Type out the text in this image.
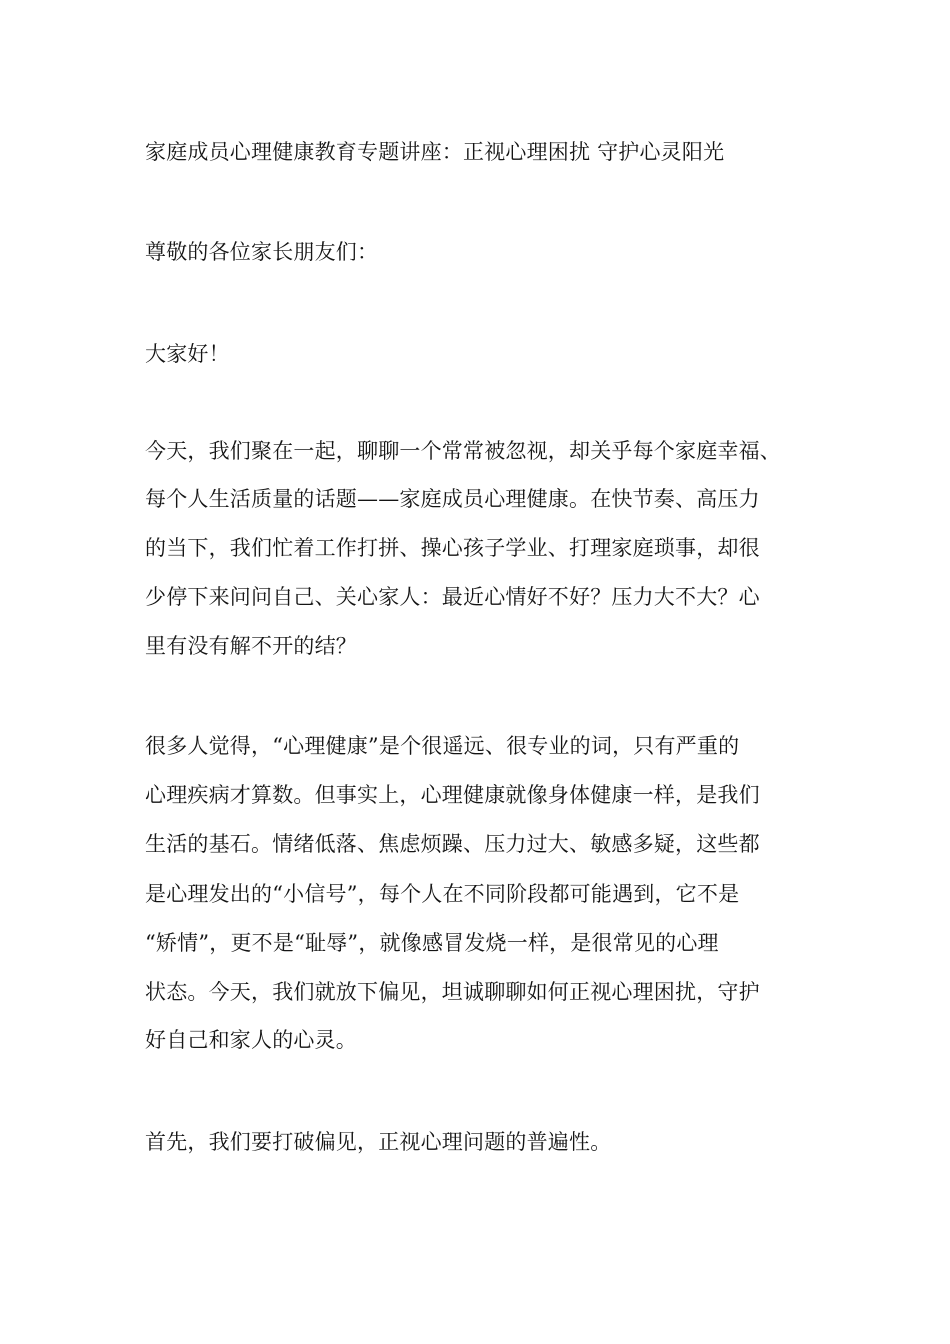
家庭成员心理健康教育专题讲座：正视心理困扰 守护心灵阳光
尊敬的各位家长朋友们：
大家好！
今天，我们聚在一起，聊聊一个常常被忽视，却关乎每个家庭幸福、
每个人生活质量的话题——家庭成员心理健康。在快节奏、高压力
的当下，我们忙着工作打拼、操心孩子学业、打理家庭琐事，却很
少停下来问问自己、关心家人：最近心情好不好？压力大不大？心
里有没有解不开的结？
很多人觉得，“心理健康”是个很遥远、很专业的词，只有严重的
心理疾病才算数。但事实上，心理健康就像身体健康一样，是我们
生活的基石。情绪低落、焦虑烦躁、压力过大、敏感多疑，这些都
是心理发出的“小信号”，每个人在不同阶段都可能遇到，它不是
“矫情”，更不是“耻辱”，就像感冒发烧一样，是很常见的心理
状态。今天，我们就放下偏见，坦诚聊聊如何正视心理困扰，守护
好自己和家人的心灵。
首先，我们要打破偏见，正视心理问题的普遍性。
